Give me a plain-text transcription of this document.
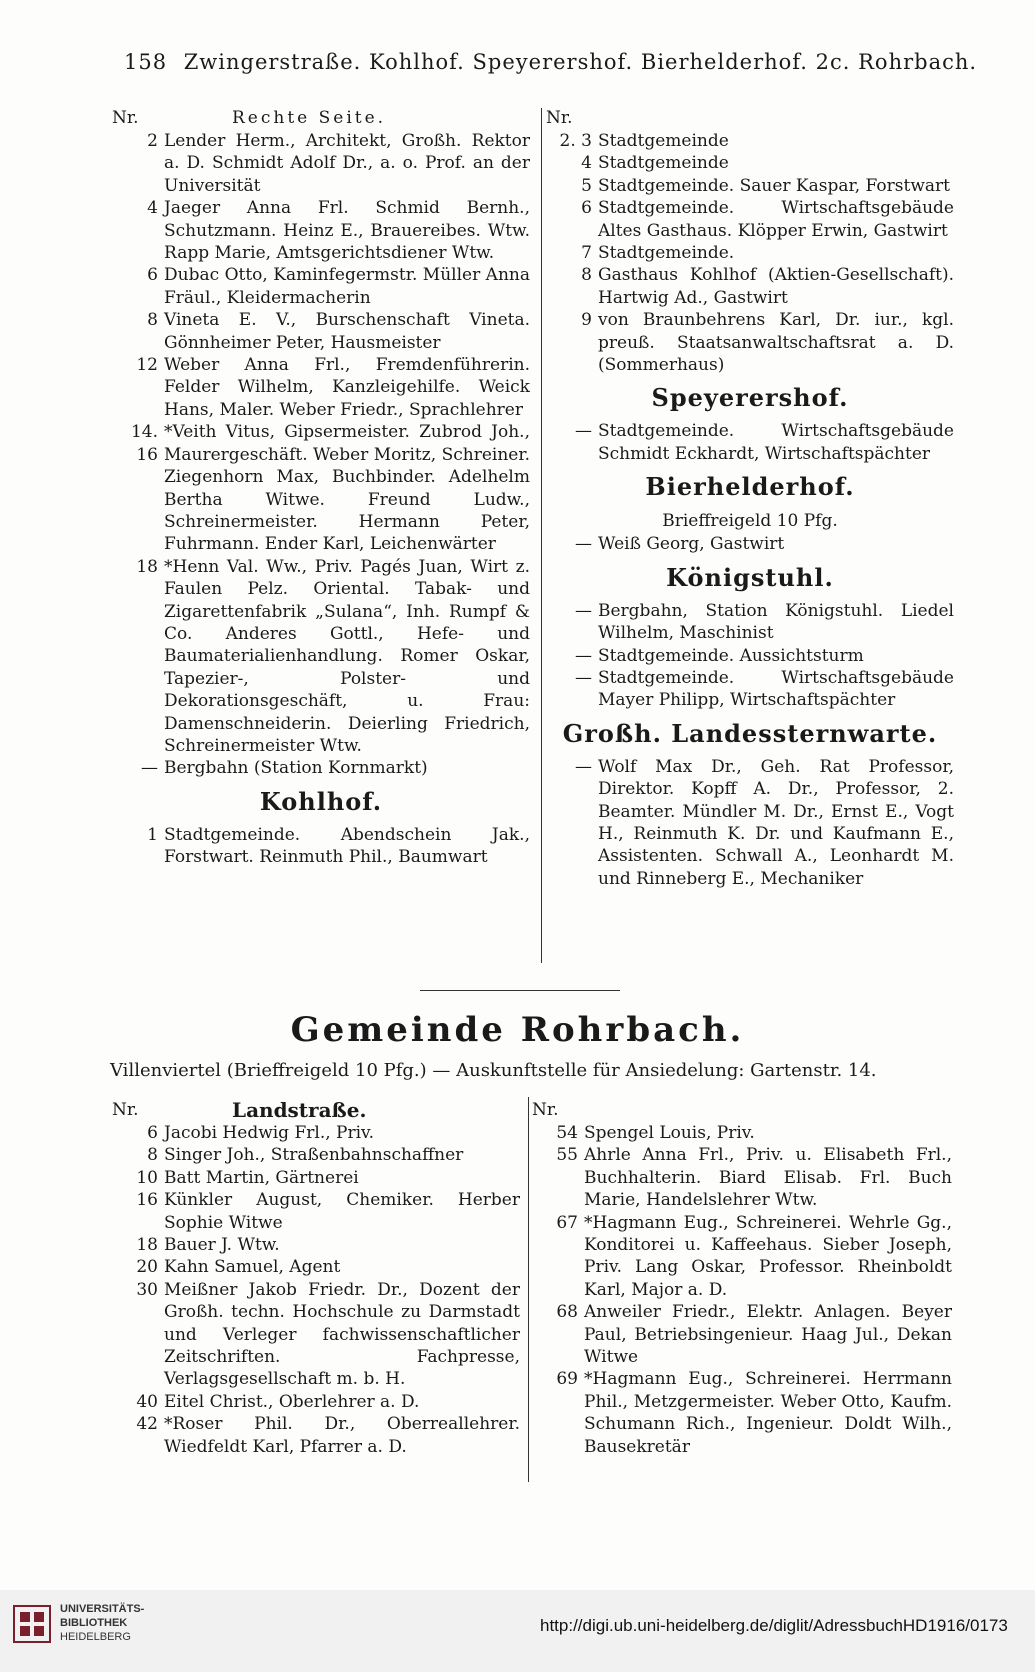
158 Zwingerstraße. Kohlhof. Speyerershof. Bierhelderhof. 2c. Rohrbach.
Nr.	Rechte Seite.
2 Lender Herm., Architekt, Großh. Rektor a. D. Schmidt Adolf Dr., a. o. Prof. an der Universität
4 Jaeger Anna Frl. Schmid Bernh., Schutzmann. Heinz E., Brauereibes. Wtw. Rapp Marie, Amtsgerichtsdiener Wtw.
6 Dubac Otto, Kaminfegermstr. Müller Anna Fräul., Kleidermacherin
8 Vineta E. V., Burschenschaft Vineta. Gönnheimer Peter, Hausmeister
12 Weber Anna Frl., Fremdenführerin. Felder Wilhelm, Kanzleigehilfe. Weick Hans, Maler. Weber Friedr., Sprachlehrer
14. 16
*Veith Vitus, Gipsermeister. Zubrod Joh., Maurergeschäft. Weber Moritz, Schreiner. Ziegenhorn Max, Buchbinder. Adelhelm Bertha Witwe. Freund Ludw., Schreinermeister. Hermann Peter, Fuhrmann. Ender Karl, Leichenwärter
18 *Henn Val. Ww., Priv. Pagés Juan, Wirt z. Faulen Pelz. Oriental. Tabak- und Zigarettenfabrik „Sulana“, Inh. Rumpf & Co. Anderes Gottl., Hefe- und Baumaterialienhandlung. Romer Oskar, Tapezier-, Polster- und Dekorationsgeschäft, u. Frau: Damenschneiderin. Deierling Friedrich, Schreinermeister Wtw.
— Bergbahn (Station Kornmarkt)
Kohlhof.
1 Stadtgemeinde. Abendschein Jak., Forstwart. Reinmuth Phil., Baumwart
Nr.
2. 3 Stadtgemeinde
4 Stadtgemeinde
5 Stadtgemeinde. Sauer Kaspar, Forstwart
6 Stadtgemeinde. Wirtschaftsgebäude Altes Gasthaus. Klöpper Erwin, Gastwirt
7 Stadtgemeinde.
8 Gasthaus Kohlhof (Aktien-Gesellschaft). Hartwig Ad., Gastwirt
9 von Braunbehrens Karl, Dr. iur., kgl. preuß. Staatsanwaltschaftsrat a. D. (Sommerhaus)
Speyerershof.
— Stadtgemeinde. Wirtschaftsgebäude Schmidt Eckhardt, Wirtschaftspächter
Bierhelderhof.
Brieffreigeld 10 Pfg.
— Weiß Georg, Gastwirt
Königstuhl.
— Bergbahn, Station Königstuhl. Liedel Wilhelm, Maschinist
— Stadtgemeinde. Aussichtsturm
— Stadtgemeinde. Wirtschaftsgebäude Mayer Philipp, Wirtschaftspächter
Großh. Landessternwarte.
— Wolf Max Dr., Geh. Rat Professor, Direktor. Kopff A. Dr., Professor, 2. Beamter. Mündler M. Dr., Ernst E., Vogt H., Reinmuth K. Dr. und Kaufmann E., Assistenten. Schwall A., Leonhardt M. und Rinneberg E., Mechaniker
Gemeinde Rohrbach.
Villenviertel (Brieffreigeld 10 Pfg.) — Auskunftstelle für Ansiedelung: Gartenstr. 14.
Nr.	Landstraße.
6 Jacobi Hedwig Frl., Priv.
8 Singer Joh., Straßenbahnschaffner
10 Batt Martin, Gärtnerei
16 Künkler August, Chemiker. Herber Sophie Witwe
18 Bauer J. Wtw.
20 Kahn Samuel, Agent
30 Meißner Jakob Friedr. Dr., Dozent der Großh. techn. Hochschule zu Darmstadt und Verleger fachwissenschaftlicher Zeitschriften. Fachpresse, Verlagsgesellschaft m. b. H.
40 Eitel Christ., Oberlehrer a. D.
42 *Roser Phil. Dr., Oberreallehrer. Wiedfeldt Karl, Pfarrer a. D.
Nr.
54 Spengel Louis, Priv.
55 Ahrle Anna Frl., Priv. u. Elisabeth Frl., Buchhalterin. Biard Elisab. Frl. Buch Marie, Handelslehrer Wtw.
67 *Hagmann Eug., Schreinerei. Wehrle Gg., Konditorei u. Kaffeehaus. Sieber Joseph, Priv. Lang Oskar, Professor. Rheinboldt Karl, Major a. D.
68 Anweiler Friedr., Elektr. Anlagen. Beyer Paul, Betriebsingenieur. Haag Jul., Dekan Witwe
69 *Hagmann Eug., Schreinerei. Herrmann Phil., Metzgermeister. Weber Otto, Kaufm. Schumann Rich., Ingenieur. Doldt Wilh., Bausekretär
UNIVERSITÄTS-
BIBLIOTHEK
HEIDELBERG
http://digi.ub.uni-heidelberg.de/diglit/AdressbuchHD1916/0173
